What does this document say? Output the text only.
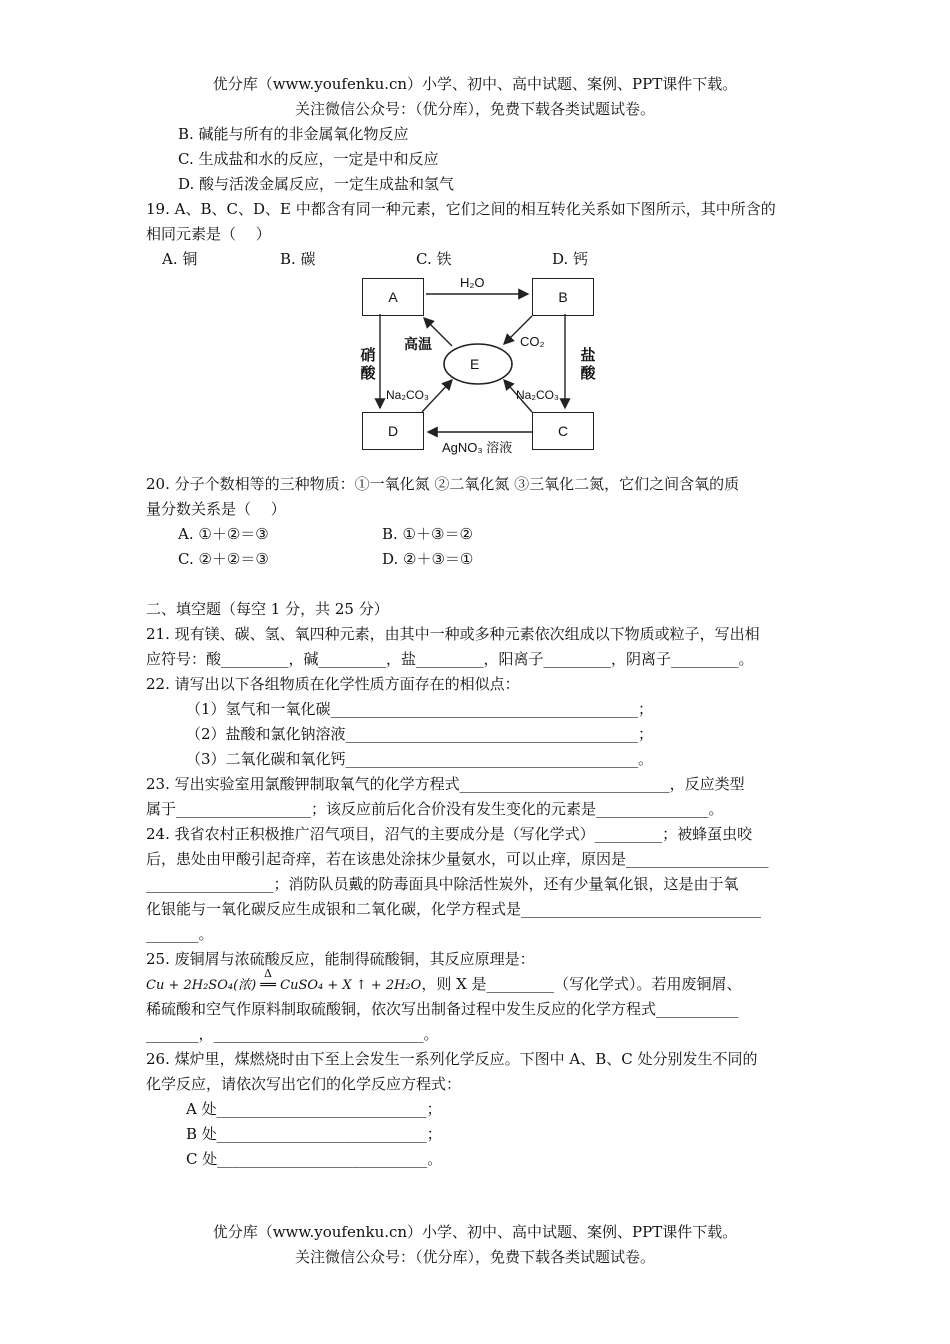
优分库（www.youfenku.cn）小学、初中、高中试题、案例、PPT课件下载。
关注微信公众号：（优分库），免费下载各类试题试卷。
B. 碱能与所有的非金属氧化物反应
C. 生成盐和水的反应，一定是中和反应
D. 酸与活泼金属反应，一定生成盐和氢气
19. A、B、C、D、E 中都含有同一种元素，它们之间的相互转化关系如下图所示，其中所含的
相同元素是（　 ）
A. 铜	B. 碳	C. 铁	D. 钙
A	B
C
D
E
H₂O
高温	CO₂
硝
酸
盐
酸
Na₂CO₃	Na₂CO₃
AgNO₃ 溶液
20. 分子个数相等的三种物质：①一氧化氮 ②二氧化氮 ③三氧化二氮，它们之间含氧的质
量分数关系是（　 ）
A. ①＋②＝③	B. ①＋③＝②
C. ②＋②＝③	D. ②＋③＝①
二、填空题（每空 1 分，共 25 分）
21. 现有镁、碳、氢、氧四种元素，由其中一种或多种元素依次组成以下物质或粒子，写出相
应符号：酸_________，碱_________，盐_________，阳离子_________，阴离子_________。
22. 请写出以下各组物质在化学性质方面存在的相似点：
（1）氢气和一氧化碳_________________________________________；
（2）盐酸和氯化钠溶液_______________________________________；
（3）二氧化碳和氧化钙_______________________________________。
23. 写出实验室用氯酸钾制取氧气的化学方程式____________________________，反应类型
属于__________________；该反应前后化合价没有发生变化的元素是_______________。
24. 我省农村正积极推广沼气项目，沼气的主要成分是（写化学式）_________；被蜂虿虫咬
后，患处由甲酸引起奇痒，若在该患处涂抹少量氨水，可以止痒，原因是___________________
_________________；消防队员戴的防毒面具中除活性炭外，还有少量氧化银，这是由于氧
化银能与一氧化碳反应生成银和二氧化碳，化学方程式是________________________________
_______。
25. 废铜屑与浓硫酸反应，能制得硫酸铜，其反应原理是：
Cu + 2H₂SO₄(浓) ══ CuSO₄ + X ↑ + 2H₂O
Δ
，则 X 是_________（写化学式）。若用废铜屑、
稀硫酸和空气作原料制取硫酸铜，依次写出制备过程中发生反应的化学方程式___________
_______，____________________________。
26. 煤炉里，煤燃烧时由下至上会发生一系列化学反应。下图中 A、B、C 处分别发生不同的
化学反应，请依次写出它们的化学反应方程式：
A 处____________________________；
B 处____________________________；
C 处____________________________。
优分库（www.youfenku.cn）小学、初中、高中试题、案例、PPT课件下载。
关注微信公众号：（优分库），免费下载各类试题试卷。
